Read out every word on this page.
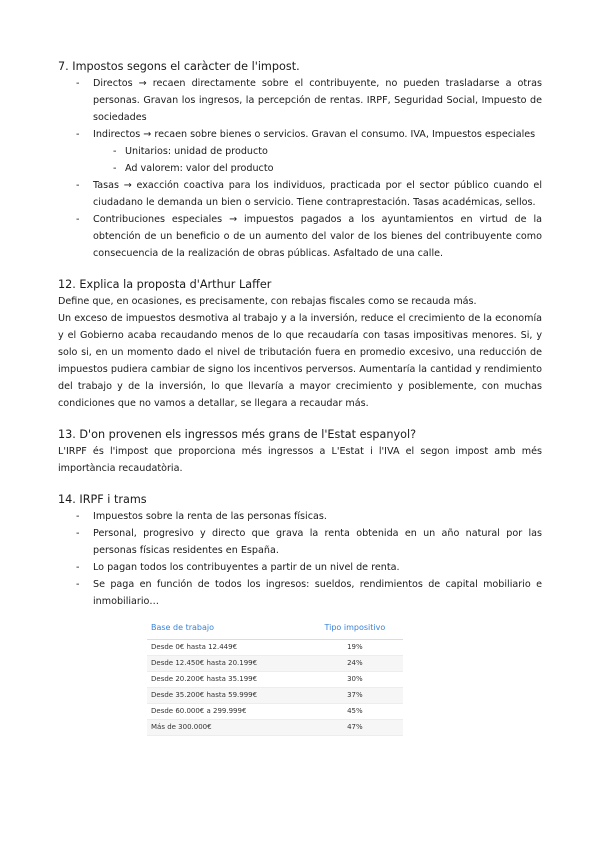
7. Impostos segons el caràcter de l'impost.
- Directos → recaen directamente sobre el contribuyente, no pueden trasladarse a otras personas. Gravan los ingresos, la percepción de rentas. IRPF, Seguridad Social, Impuesto de sociedades
- Indirectos → recaen sobre bienes o servicios. Gravan el consumo. IVA, Impuestos especiales
- Unitarios: unidad de producto
- Ad valorem: valor del producto
- Tasas → exacción coactiva para los individuos, practicada por el sector público cuando el ciudadano le demanda un bien o servicio. Tiene contraprestación. Tasas académicas, sellos.
- Contribuciones especiales → impuestos pagados a los ayuntamientos en virtud de la obtención de un beneficio o de un aumento del valor de los bienes del contribuyente como consecuencia de la realización de obras públicas. Asfaltado de una calle.
12. Explica la proposta d'Arthur Laffer

Define que, en ocasiones, es precisamente, con rebajas fiscales como se recauda más.

Un exceso de impuestos desmotiva al trabajo y a la inversión, reduce el crecimiento de la economía y el Gobierno acaba recaudando menos de lo que recaudaría con tasas impositivas menores. Si, y solo si, en un momento dado el nivel de tributación fuera en promedio excesivo, una reducción de impuestos pudiera cambiar de signo los incentivos perversos. Aumentaría la cantidad y rendimiento del trabajo y de la inversión, lo que llevaría a mayor crecimiento y posiblemente, con muchas condiciones que no vamos a detallar, se llegara a recaudar más.

13. D'on provenen els ingressos més grans de l'Estat espanyol?

L'IRPF és l'impost que proporciona més ingressos a L'Estat i l'IVA el segon impost amb més importància recaudatòria.

14. IRPF i trams
- Impuestos sobre la renta de las personas físicas.
- Personal, progresivo y directo que grava la renta obtenida en un año natural por las personas físicas residentes en España.
- Lo pagan todos los contribuyentes a partir de un nivel de renta.
- Se paga en función de todos los ingresos: sueldos, rendimientos de capital mobiliario e inmobiliario…
Base de trabajo	Tipo impositivo
Desde 0€ hasta 12.449€	19%
Desde 12.450€ hasta 20.199€	24%
Desde 20.200€ hasta 35.199€	30%
Desde 35.200€ hasta 59.999€	37%
Desde 60.000€ a 299.999€	45%
Más de 300.000€	47%
